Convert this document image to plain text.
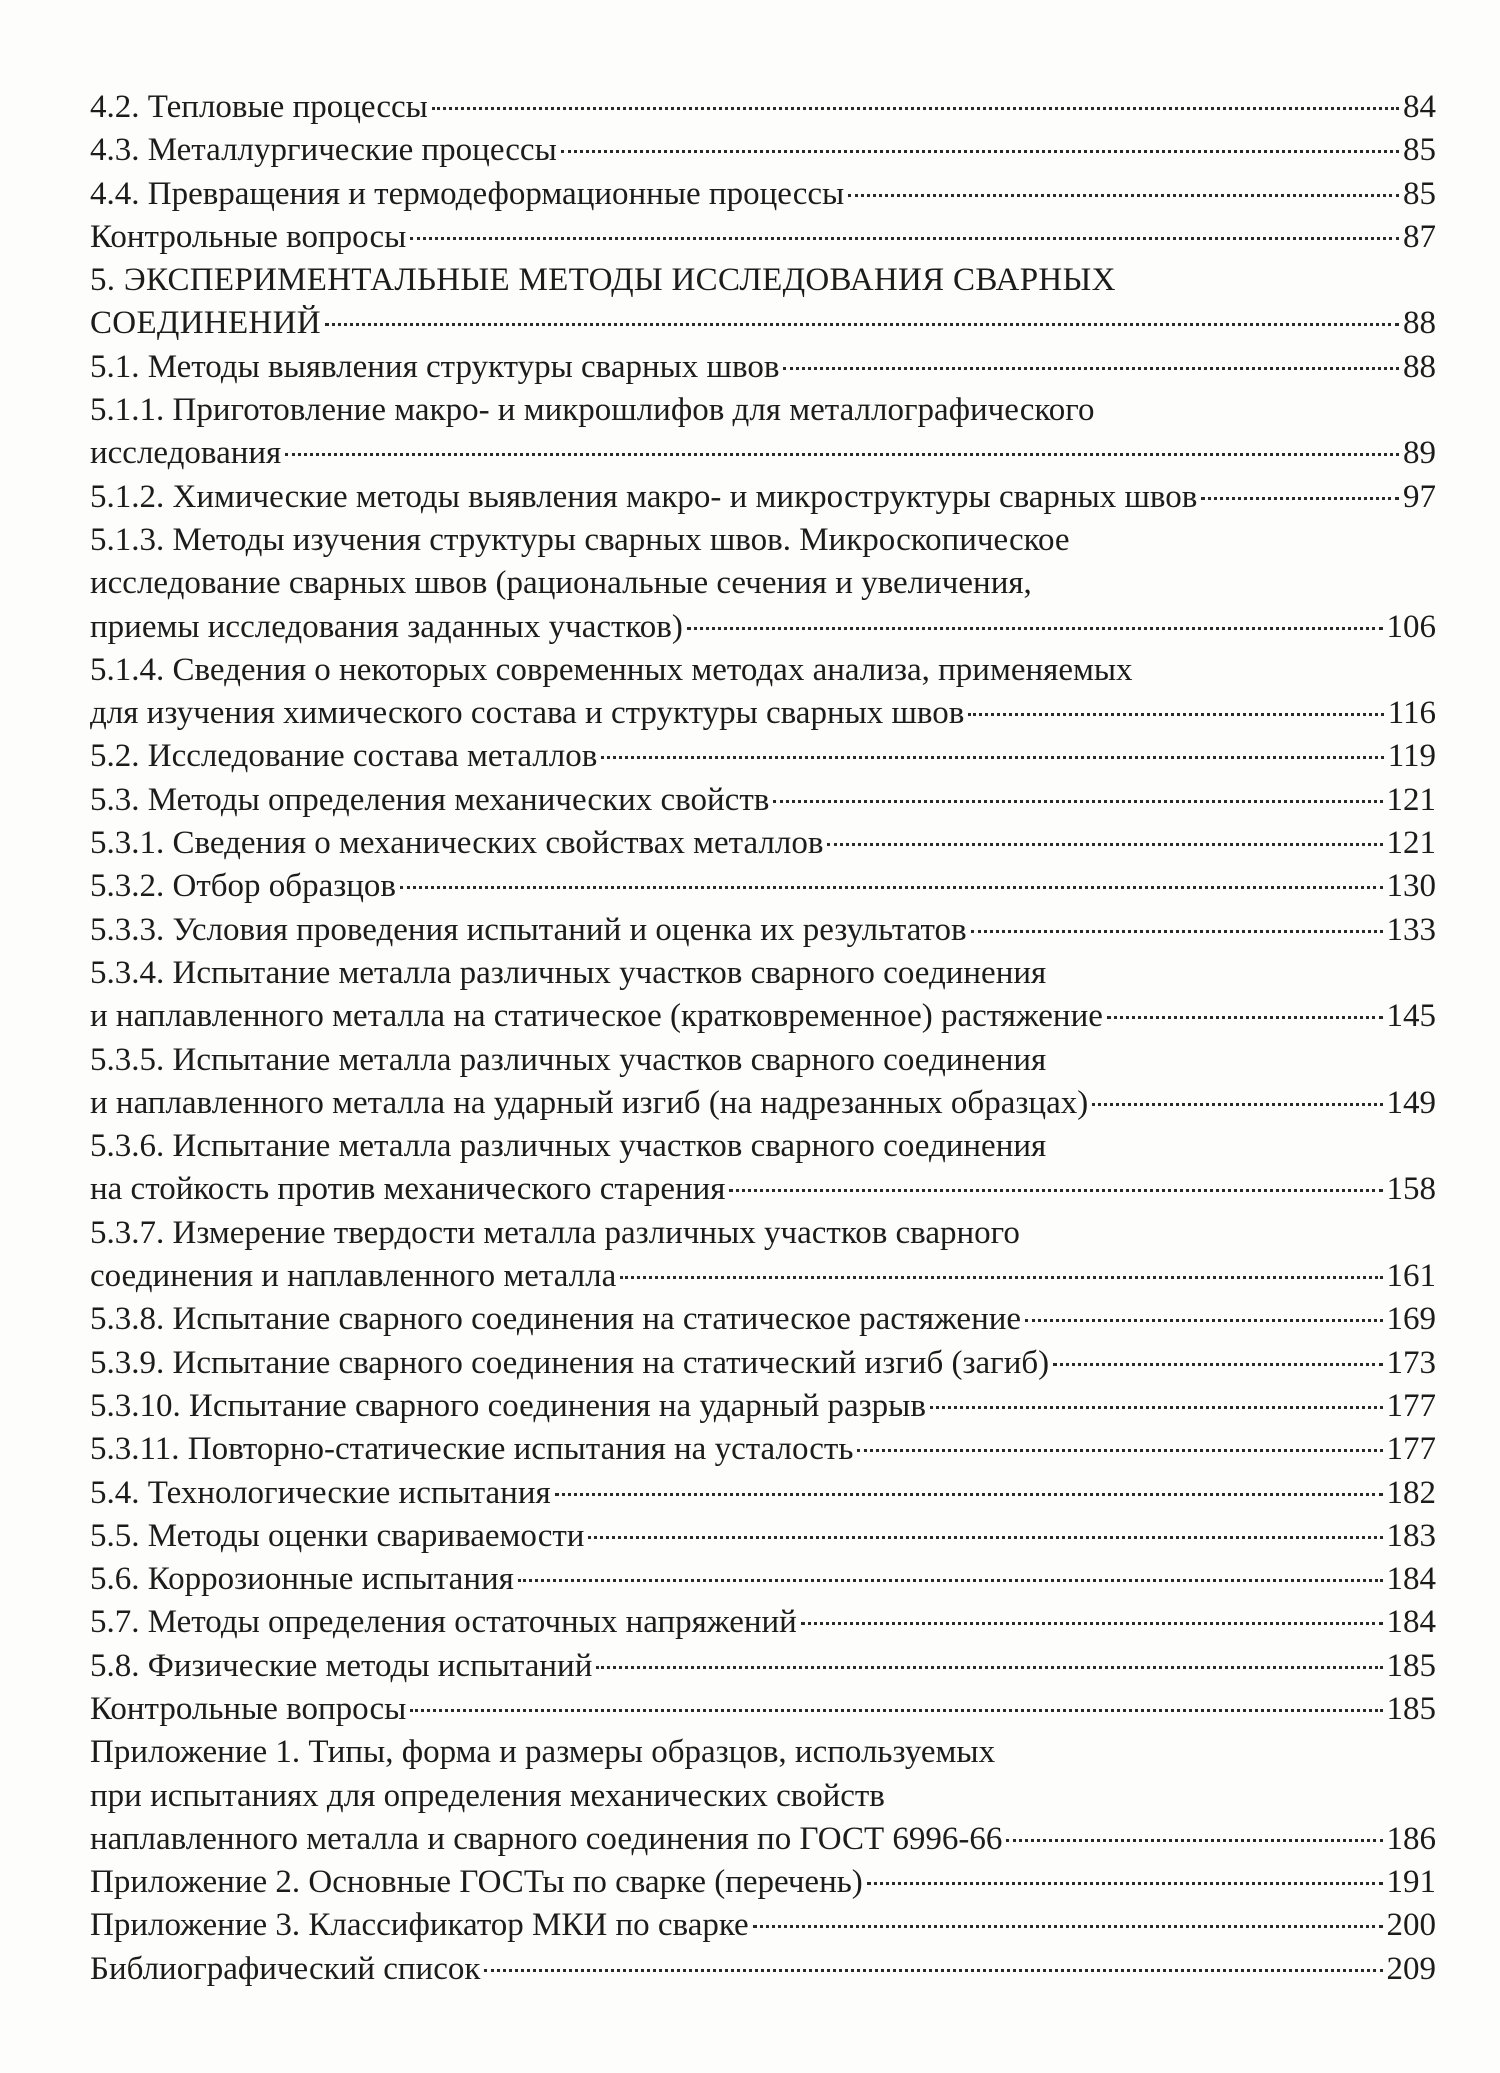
4.2. Тепловые процессы	84
4.3. Металлургические процессы	85
4.4. Превращения и термодеформационные процессы	85
Контрольные вопросы	87
5. ЭКСПЕРИМЕНТАЛЬНЫЕ МЕТОДЫ ИССЛЕДОВАНИЯ СВАРНЫХ
СОЕДИНЕНИЙ	88
5.1. Методы выявления структуры сварных швов	88
5.1.1. Приготовление макро- и микрошлифов для металлографического
исследования	89
5.1.2. Химические методы выявления макро- и микроструктуры сварных швов	97
5.1.3. Методы изучения структуры сварных швов. Микроскопическое
исследование сварных швов (рациональные сечения и увеличения,
приемы исследования заданных участков)	106
5.1.4. Сведения о некоторых современных методах анализа, применяемых
для изучения химического состава и структуры сварных швов	116
5.2. Исследование состава металлов	119
5.3. Методы определения механических свойств	121
5.3.1. Сведения о механических свойствах металлов	121
5.3.2. Отбор образцов	130
5.3.3. Условия проведения испытаний и оценка их результатов	133
5.3.4. Испытание металла различных участков сварного соединения
и наплавленного металла на статическое (кратковременное) растяжение	145
5.3.5. Испытание металла различных участков сварного соединения
и наплавленного металла на ударный изгиб (на надрезанных образцах)	149
5.3.6. Испытание металла различных участков сварного соединения
на стойкость против механического старения	158
5.3.7. Измерение твердости металла различных участков сварного
соединения и наплавленного металла	161
5.3.8. Испытание сварного соединения на статическое растяжение	169
5.3.9. Испытание сварного соединения на статический изгиб (загиб)	173
5.3.10. Испытание сварного соединения на ударный разрыв	177
5.3.11. Повторно-статические испытания на усталость	177
5.4. Технологические испытания	182
5.5. Методы оценки свариваемости	183
5.6. Коррозионные испытания	184
5.7. Методы определения остаточных напряжений	184
5.8. Физические методы испытаний	185
Контрольные вопросы	185
Приложение 1. Типы, форма и размеры образцов, используемых
при испытаниях для определения механических свойств
наплавленного металла и сварного соединения по ГОСТ 6996-66	186
Приложение 2. Основные ГОСТы по сварке (перечень)	191
Приложение 3. Классификатор МКИ по сварке	200
Библиографический список	209
